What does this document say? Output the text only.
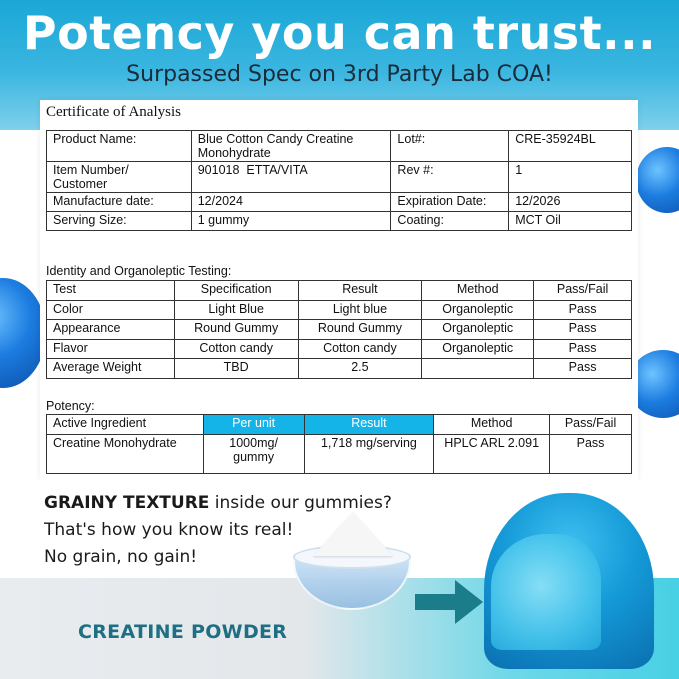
Potency you can trust...
Surpassed Spec on 3rd Party Lab COA!
Certificate of Analysis
Product Name:	Blue Cotton Candy Creatine Monohydrate	Lot#:	CRE-35924BL
Item Number/ Customer	901018  ETTA/VITA	Rev #:	1
Manufacture date:	12/2024	Expiration Date:	12/2026
Serving Size:	1 gummy	Coating:	MCT Oil
Identity and Organoleptic Testing:
Test	Specification	Result	Method	Pass/Fail
Color	Light Blue	Light blue	Organoleptic	Pass
Appearance	Round Gummy	Round Gummy	Organoleptic	Pass
Flavor	Cotton candy	Cotton candy	Organoleptic	Pass
Average Weight	TBD	2.5		Pass
Potency:
Active Ingredient	Per unit	Result	Method	Pass/Fail
Creatine Monohydrate	1000mg/ gummy	1,718 mg/serving	HPLC ARL 2.091	Pass
GRAINY TEXTURE inside our gummies?
That's how you know its real!
No grain, no gain!
CREATINE POWDER
